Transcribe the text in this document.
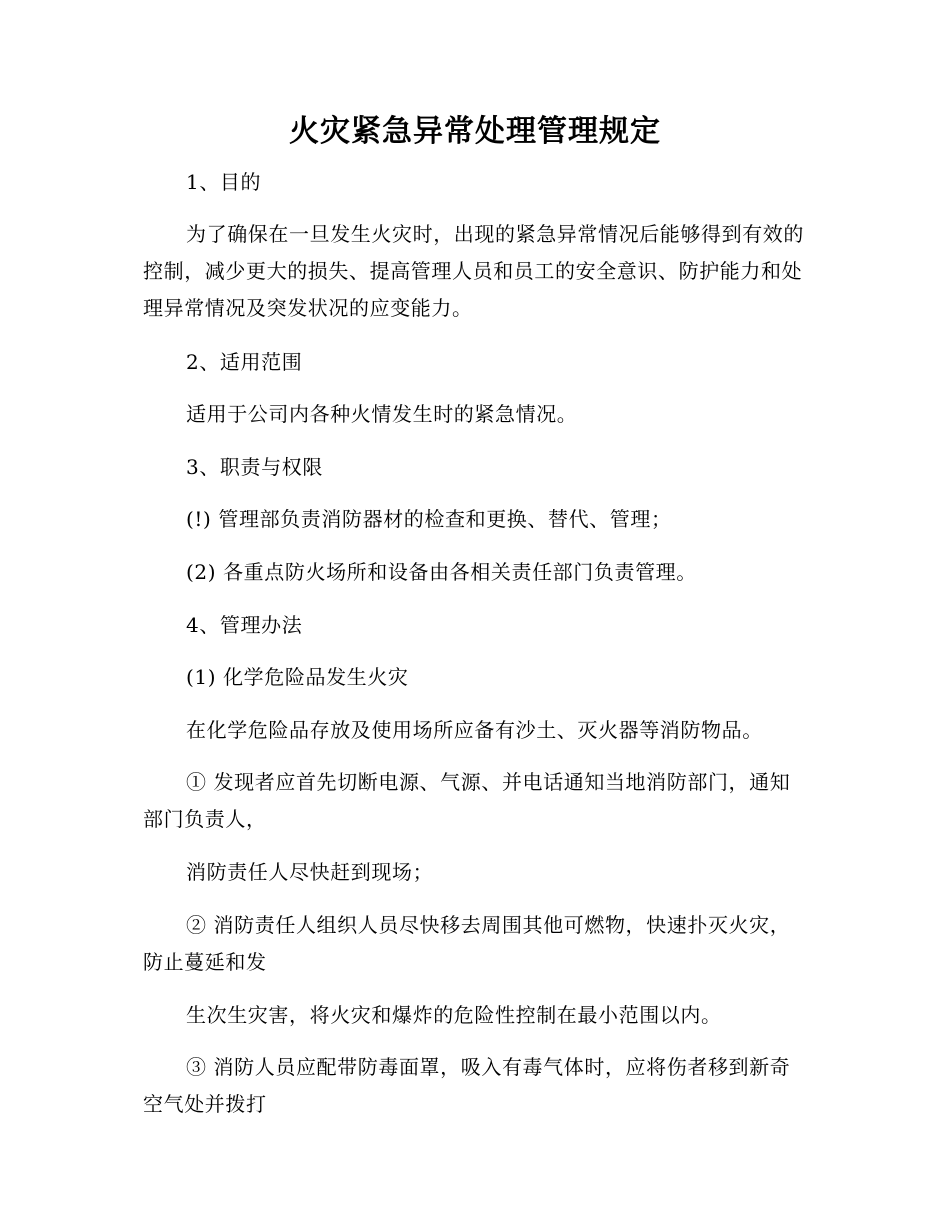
火灾紧急异常处理管理规定

1、目的

为了确保在一旦发生火灾时，出现的紧急异常情况后能够得到有效的控制，减少更大的损失、提高管理人员和员工的安全意识、防护能力和处理异常情况及突发状况的应变能力。

2、适用范围

适用于公司内各种火情发生时的紧急情况。

3、职责与权限

(!) 管理部负责消防器材的检查和更换、替代、管理；

(2) 各重点防火场所和设备由各相关责任部门负责管理。

4、管理办法

(1) 化学危险品发生火灾

在化学危险品存放及使用场所应备有沙土、灭火器等消防物品。

① 发现者应首先切断电源、气源、并电话通知当地消防部门，通知部门负责人，

消防责任人尽快赶到现场；

② 消防责任人组织人员尽快移去周围其他可燃物，快速扑灭火灾，防止蔓延和发

生次生灾害，将火灾和爆炸的危险性控制在最小范围以内。

③ 消防人员应配带防毒面罩，吸入有毒气体时，应将伤者移到新奇空气处并拨打
